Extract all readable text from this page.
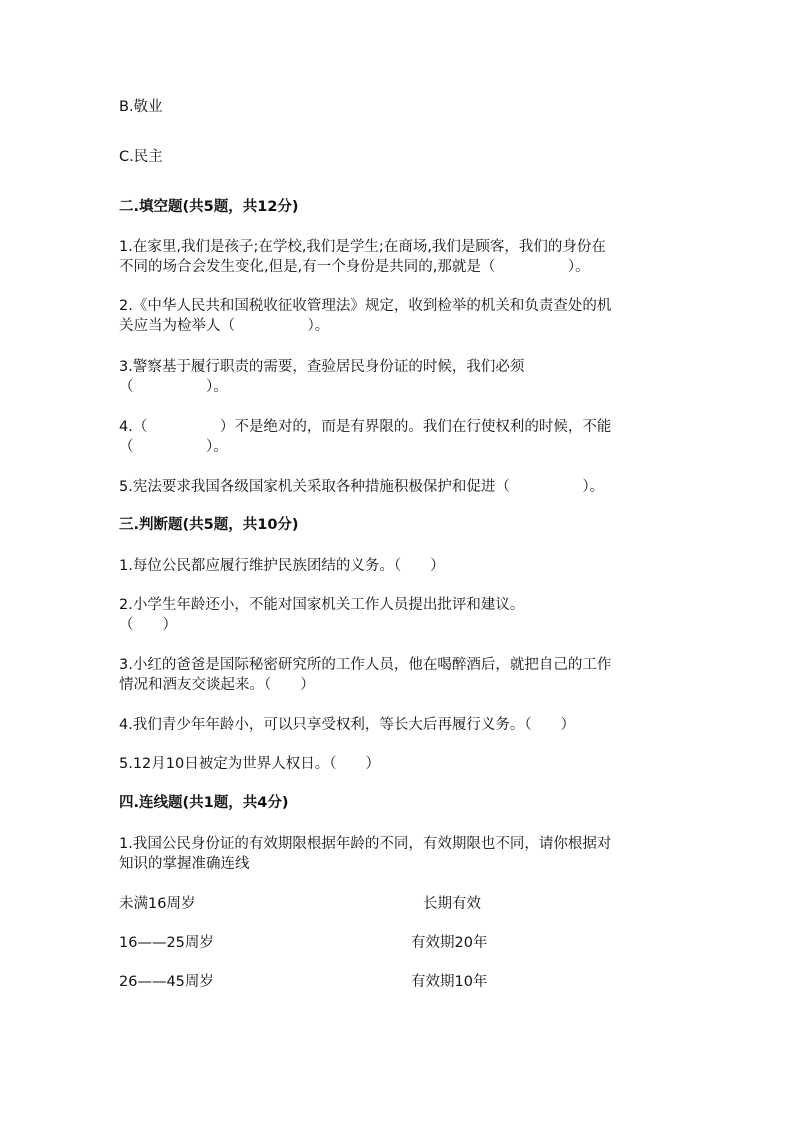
B.敬业
C.民主
二.填空题(共5题，共12分)
1.在家里,我们是孩子;在学校,我们是学生;在商场,我们是顾客，我们的身份在
不同的场合会发生变化,但是,有一个身份是共同的,那就是（　　　　　）。
2.《中华人民共和国税收征收管理法》规定，收到检举的机关和负责查处的机
关应当为检举人（　　　　　）。
3.警察基于履行职责的需要，查验居民身份证的时候，我们必须
（　　　　　）。
4.（　　　　　）不是绝对的，而是有界限的。我们在行使权利的时候，不能
（　　　　　）。
5.宪法要求我国各级国家机关采取各种措施积极保护和促进（　　　　　）。
三.判断题(共5题，共10分)
1.每位公民都应履行维护民族团结的义务。（　　）
2.小学生年龄还小，不能对国家机关工作人员提出批评和建议。
（　　）
3.小红的爸爸是国际秘密研究所的工作人员，他在喝醉酒后，就把自己的工作
情况和酒友交谈起来。（　　）
4.我们青少年年龄小，可以只享受权利，等长大后再履行义务。（　　）
5.12月10日被定为世界人权日。（　　）
四.连线题(共1题，共4分)
1.我国公民身份证的有效期限根据年龄的不同，有效期限也不同，请你根据对
知识的掌握准确连线
未满16周岁	长期有效
16——25周岁	有效期20年
26——45周岁	有效期10年
